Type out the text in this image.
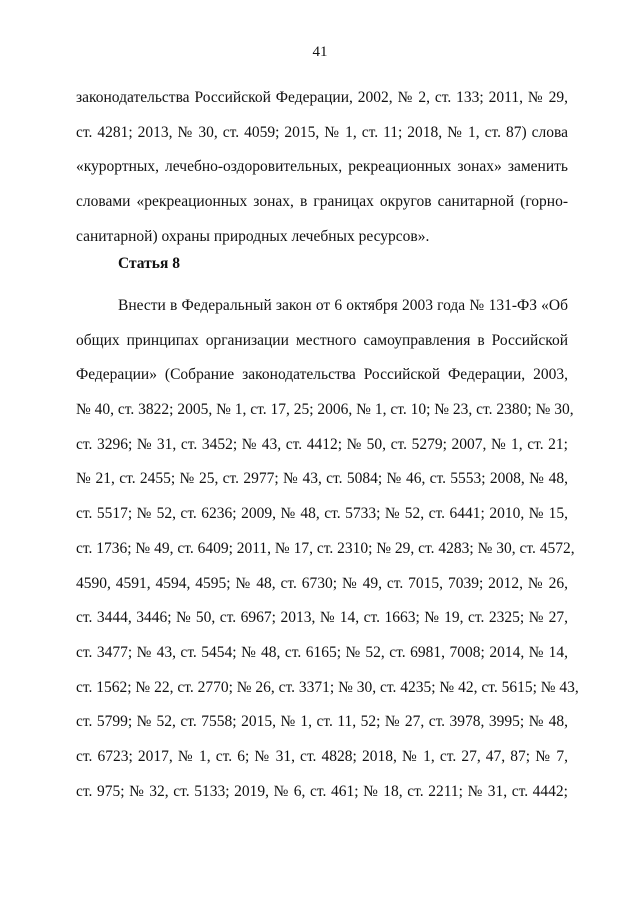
41
законодательства Российской Федерации, 2002, № 2, ст. 133; 2011, № 29,
ст. 4281; 2013, № 30, ст. 4059; 2015, № 1, ст. 11; 2018, № 1, ст. 87) слова
«курортных, лечебно-оздоровительных, рекреационных зонах» заменить
словами «рекреационных зонах, в границах округов санитарной (горно-
санитарной) охраны природных лечебных ресурсов».
Статья 8
Внести в Федеральный закон от 6 октября 2003 года № 131-ФЗ «Об
общих принципах организации местного самоуправления в Российской
Федерации» (Собрание законодательства Российской Федерации, 2003,
№ 40, ст. 3822; 2005, № 1, ст. 17, 25; 2006, № 1, ст. 10; № 23, ст. 2380; № 30,
ст. 3296; № 31, ст. 3452; № 43, ст. 4412; № 50, ст. 5279; 2007, № 1, ст. 21;
№ 21, ст. 2455; № 25, ст. 2977; № 43, ст. 5084; № 46, ст. 5553; 2008, № 48,
ст. 5517; № 52, ст. 6236; 2009, № 48, ст. 5733; № 52, ст. 6441; 2010, № 15,
ст. 1736; № 49, ст. 6409; 2011, № 17, ст. 2310; № 29, ст. 4283; № 30, ст. 4572,
4590, 4591, 4594, 4595; № 48, ст. 6730; № 49, ст. 7015, 7039; 2012, № 26,
ст. 3444, 3446; № 50, ст. 6967; 2013, № 14, ст. 1663; № 19, ст. 2325; № 27,
ст. 3477; № 43, ст. 5454; № 48, ст. 6165; № 52, ст. 6981, 7008; 2014, № 14,
ст. 1562; № 22, ст. 2770; № 26, ст. 3371; № 30, ст. 4235; № 42, ст. 5615; № 43,
ст. 5799; № 52, ст. 7558; 2015, № 1, ст. 11, 52; № 27, ст. 3978, 3995; № 48,
ст. 6723; 2017, № 1, ст. 6; № 31, ст. 4828; 2018, № 1, ст. 27, 47, 87; № 7,
ст. 975; № 32, ст. 5133; 2019, № 6, ст. 461; № 18, ст. 2211; № 31, ст. 4442;
